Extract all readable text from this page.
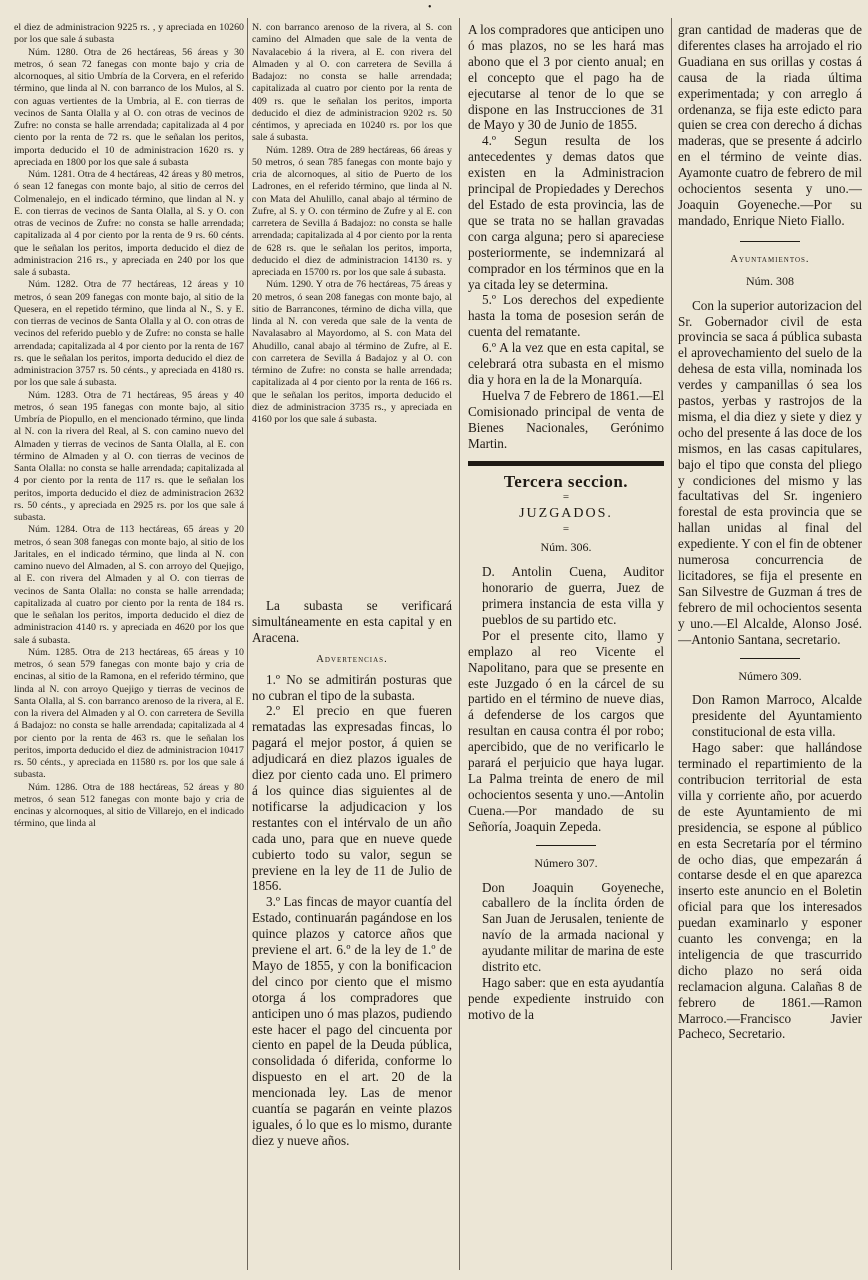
•

el diez de administracion 9225 rs. , y apreciada en 10260 por los que sale á subasta

Núm. 1280. Otra de 26 hectáreas, 56 áreas y 30 metros, ó sean 72 fanegas con monte bajo y cria de alcornoques, al sitio Umbría de la Corvera, en el referido término, que linda al N. con barranco de los Mulos, al S. con aguas vertientes de la Umbria, al E. con tierras de vecinos de Santa Olalla y al O. con otras de vecinos de Zufre: no consta se halle arrendada; capitalizada al 4 por ciento por la renta de 72 rs. que le señalan los peritos, importa deducido el 10 de administracion 1620 rs. y apreciada en 1800 por los que sale á subasta

Núm. 1281. Otra de 4 hectáreas, 42 áreas y 80 metros, ó sean 12 fanegas con monte bajo, al sitio de cerros del Colmenalejo, en el indicado término, que lindan al N. y E. con tierras de vecinos de Santa Olalla, al S. y O. con otras de vecinos de Zufre: no consta se halle arrendada; capitalizada al 4 por ciento por la renta de 9 rs. 60 cénts. que le señalan los peritos, importa deducido el diez de administracion 216 rs., y apreciada en 240 por los que sale á subasta.

Núm. 1282. Otra de 77 hectáreas, 12 áreas y 10 metros, ó sean 209 fanegas con monte bajo, al sitio de la Quesera, en el repetido término, que linda al N., S. y E. con tierras de vecinos de Santa Olalla y al O. con otras de vecinos del referido pueblo y de Zufre: no consta se halle arrendada; capitalizada al 4 por ciento por la renta de 167 rs. que le señalan los peritos, importa deducido el diez de administracion 3757 rs. 50 cénts., y apreciada en 4180 rs. por los que sale á subasta.

Núm. 1283. Otra de 71 hectáreas, 95 áreas y 40 metros, ó sean 195 fanegas con monte bajo, al sitio Umbría de Piopullo, en el mencionado término, que linda al N. con la rivera del Real, al S. con camino nuevo del Almaden y tierras de vecinos de Santa Olalla, al E. con término de Almaden y al O. con tierras de vecinos de Santa Olalla: no consta se halle arrendada; capitalizada al 4 por ciento por la renta de 117 rs. que le señalan los peritos, importa deducido el diez de administracion 2632 rs. 50 cénts., y apreciada en 2925 rs. por los que sale á subasta.

Núm. 1284. Otra de 113 hectáreas, 65 áreas y 20 metros, ó sean 308 fanegas con monte bajo, al sitio de los Jaritales, en el indicado término, que linda al N. con camino nuevo del Almaden, al S. con arroyo del Quejigo, al E. con rivera del Almaden y al O. con tierras de vecinos de Santa Olalla: no consta se halle arrendada; capitalizada al cuatro por ciento por la renta de 184 rs. que le señalan los peritos, importa deducido el diez de administracion 4140 rs. y apreciada en 4620 por los que sale á subasta.

Núm. 1285. Otra de 213 hectáreas, 65 áreas y 10 metros, ó sean 579 fanegas con monte bajo y cria de encinas, al sitio de la Ramona, en el referido término, que linda al N. con arroyo Quejigo y tierras de vecinos de Santa Olalla, al S. con barranco arenoso de la rivera, al E. con la rivera del Almaden y al O. con carretera de Sevilla á Badajoz: no consta se halle arrendada; capitalizada al 4 por ciento por la renta de 463 rs. que le señalan los peritos, importa deducido el diez de administracion 10417 rs. 50 cénts., y apreciada en 11580 rs. por los que sale á subasta.

Núm. 1286. Otra de 188 hectáreas, 52 áreas y 80 metros, ó sean 512 fanegas con monte bajo y cria de encinas y alcornoques, al sitio de Villarejo, en el indicado término, que linda al

N. con barranco arenoso de la rivera, al S. con camino del Almaden que sale de la venta de Navalacebio á la rivera, al E. con rivera del Almaden y al O. con carretera de Sevilla á Badajoz: no consta se halle arrendada; capitalizada al cuatro por ciento por la renta de 409 rs. que le señalan los peritos, importa deducido el diez de administracion 9202 rs. 50 céntimos, y apreciada en 10240 rs. por los que sale á subasta.

Núm. 1289. Otra de 289 hectáreas, 66 áreas y 50 metros, ó sean 785 fanegas con monte bajo y cria de alcornoques, al sitio de Puerto de los Ladrones, en el referido término, que linda al N. con Mata del Ahulillo, canal abajo al término de Zufre, al S. y O. con término de Zufre y al E. con carretera de Sevilla á Badajoz: no consta se halle arrendada; capitalizada al 4 por ciento por la renta de 628 rs. que le señalan los peritos, importa, deducido el diez de administracion 14130 rs. y apreciada en 15700 rs. por los que sale á subasta.

Núm. 1290. Y otra de 76 hectáreas, 75 áreas y 20 metros, ó sean 208 fanegas con monte bajo, al sitio de Barrancones, término de dicha villa, que linda al N. con vereda que sale de la venta de Navalasabro al Mayordomo, al S. con Mata del Ahudillo, canal abajo al término de Zufre, al E. con carretera de Sevilla á Badajoz y al O. con término de Zufre: no consta se halle arrendada; capitalizada al 4 por ciento por la renta de 166 rs. que le señalan los peritos, importa deducido el diez de administracion 3735 rs., y apreciada en 4160 por los que sale á subasta.

La subasta se verificará simultáneamente en esta capital y en Aracena.

Advertencias.

1.º No se admitirán posturas que no cubran el tipo de la subasta.

2.º El precio en que fueren rematadas las expresadas fincas, lo pagará el mejor postor, á quien se adjudicará en diez plazos iguales de diez por ciento cada uno. El primero á los quince dias siguientes al de notificarse la adjudicacion y los restantes con el intérvalo de un año cada uno, para que en nueve quede cubierto todo su valor, segun se previene en la ley de 11 de Julio de 1856.

3.º Las fincas de mayor cuantía del Estado, continuarán pagándose en los quince plazos y catorce años que previene el art. 6.º de la ley de 1.º de Mayo de 1855, y con la bonificacion del cinco por ciento que el mismo otorga á los compradores que anticipen uno ó mas plazos, pudiendo este hacer el pago del cincuenta por ciento en papel de la Deuda pública, consolidada ó diferida, conforme lo dispuesto en el art. 20 de la mencionada ley. Las de menor cuantía se pagarán en veinte plazos iguales, ó lo que es lo mismo, durante diez y nueve años.

A los compradores que anticipen uno ó mas plazos, no se les hará mas abono que el 3 por ciento anual; en el concepto que el pago ha de ejecutarse al tenor de lo que se dispone en las Instrucciones de 31 de Mayo y 30 de Junio de 1855.

4.º Segun resulta de los antecedentes y demas datos que existen en la Administracion principal de Propiedades y Derechos del Estado de esta provincia, las de que se trata no se hallan gravadas con carga alguna; pero si apareciese posteriormente, se indemnizará al comprador en los términos que en la ya citada ley se determina.

5.º Los derechos del expediente hasta la toma de posesion serán de cuenta del rematante.

6.º A la vez que en esta capital, se celebrará otra subasta en el mismo dia y hora en la de la Monarquía.

Huelva 7 de Febrero de 1861.—El Comisionado principal de venta de Bienes Nacionales, Gerónimo Martin.

Tercera seccion.

=

JUZGADOS.

=

Núm. 306.

D. Antolin Cuena, Auditor honorario de guerra, Juez de primera instancia de esta villa y pueblos de su partido etc.

Por el presente cito, llamo y emplazo al reo Vicente el Napolitano, para que se presente en este Juzgado ó en la cárcel de su partido en el término de nueve dias, á defenderse de los cargos que resultan en causa contra él por robo; apercibido, que de no verificarlo le parará el perjuicio que haya lugar. La Palma treinta de enero de mil ochocientos sesenta y uno.—Antolin Cuena.—Por mandado de su Señoría, Joaquin Zepeda.

Número 307.

Don Joaquin Goyeneche, caballero de la ínclita órden de San Juan de Jerusalen, teniente de navío de la armada nacional y ayudante militar de marina de este distrito etc.

Hago saber: que en esta ayudantía pende expediente instruido con motivo de la

gran cantidad de maderas que de diferentes clases ha arrojado el rio Guadiana en sus orillas y costas á causa de la riada última experimentada; y con arreglo á ordenanza, se fija este edicto para quien se crea con derecho á dichas maderas, que se presente á adcirlo en el término de veinte dias. Ayamonte cuatro de febrero de mil ochocientos sesenta y uno.—Joaquin Goyeneche.—Por su mandado, Enrique Nieto Fiallo.

Ayuntamientos.
Núm. 308

Con la superior autorizacion del Sr. Gobernador civil de esta provincia se saca á pública subasta el aprovechamiento del suelo de la dehesa de esta villa, nominada los verdes y campanillas ó sea los pastos, yerbas y rastrojos de la misma, el dia diez y siete y diez y ocho del presente á las doce de los mismos, en las casas capitulares, bajo el tipo que consta del pliego y condiciones del mismo y las facultativas del Sr. ingeniero forestal de esta provincia que se hallan unidas al final del expediente. Y con el fin de obtener numerosa concurrencia de licitadores, se fija el presente en San Silvestre de Guzman á tres de febrero de mil ochocientos sesenta y uno.—El Alcalde, Alonso José.—Antonio Santana, secretario.

Número 309.

Don Ramon Marroco, Alcalde presidente del Ayuntamiento constitucional de esta villa.

Hago saber: que hallándose terminado el repartimiento de la contribucion territorial de esta villa y corriente año, por acuerdo de este Ayuntamiento de mi presidencia, se espone al público en esta Secretaría por el término de ocho dias, que empezarán á contarse desde el en que aparezca inserto este anuncio en el Boletin oficial para que los interesados puedan examinarlo y esponer cuanto les convenga; en la inteligencia de que trascurrido dicho plazo no será oida reclamacion alguna. Calañas 8 de febrero de 1861.—Ramon Marroco.—Francisco Javier Pacheco, Secretario.
